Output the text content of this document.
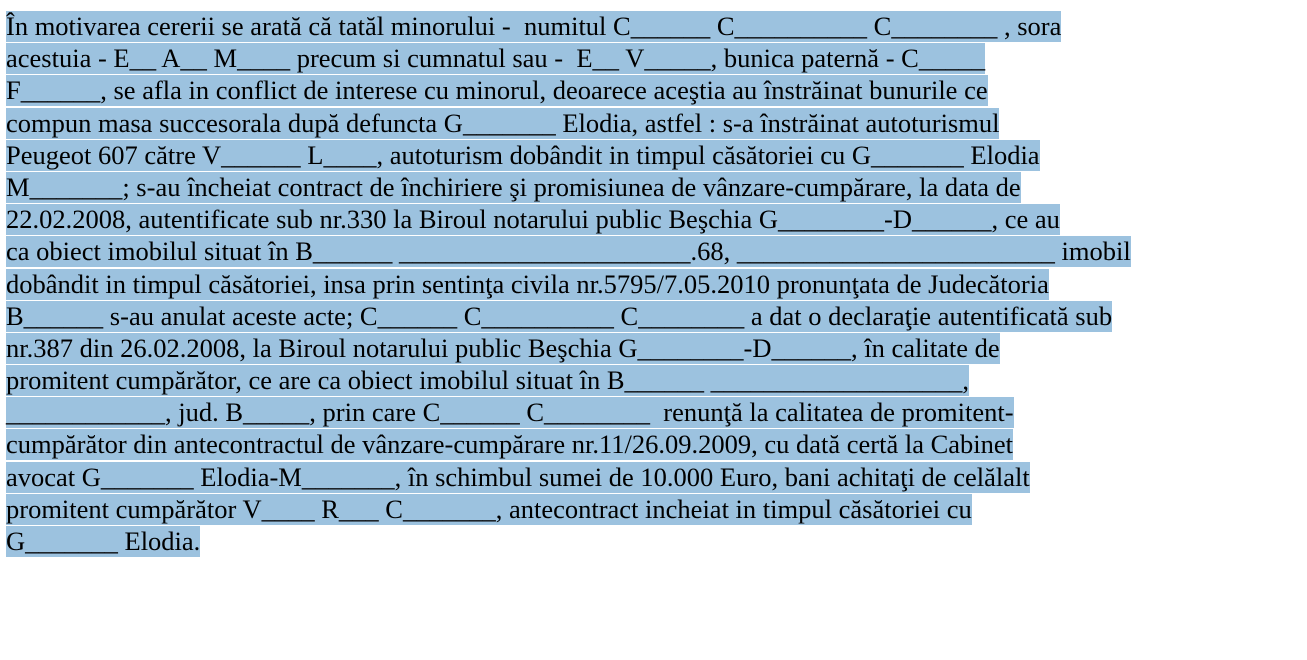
În motivarea cererii se arată că tatăl minorului -  numitul C______ C__________ C________ , sora
acestuia - E__ A__ M____ precum si cumnatul sau -  E__ V_____, bunica paternă - C_____
F______, se afla in conflict de interese cu minorul, deoarece aceştia au înstrăinat bunurile ce
compun masa succesorala după defuncta G_______ Elodia, astfel : s-a înstrăinat autoturismul
Peugeot 607 către V______ L____, autoturism dobândit in timpul căsătoriei cu G_______ Elodia
M_______; s-au încheiat contract de închiriere şi promisiunea de vânzare-cumpărare, la data de
22.02.2008, autentificate sub nr.330 la Biroul notarului public Beşchia G________-D______, ce au
ca obiect imobilul situat în B______ ______________________.68, ________________________ imobil
dobândit in timpul căsătoriei, insa prin sentinţa civila nr.5795/7.05.2010 pronunţata de Judecătoria
B______ s-au anulat aceste acte; C______ C__________ C________ a dat o declaraţie autentificată sub
nr.387 din 26.02.2008, la Biroul notarului public Beşchia G________-D______, în calitate de
promitent cumpărător, ce are ca obiect imobilul situat în B______ ___________________,
____________, jud. B_____, prin care C______ C________  renunţă la calitatea de promitent-
cumpărător din antecontractul de vânzare-cumpărare nr.11/26.09.2009, cu dată certă la Cabinet
avocat G_______ Elodia-M_______, în schimbul sumei de 10.000 Euro, bani achitaţi de celălalt
promitent cumpărător V____ R___ C_______, antecontract incheiat in timpul căsătoriei cu
G_______ Elodia.
